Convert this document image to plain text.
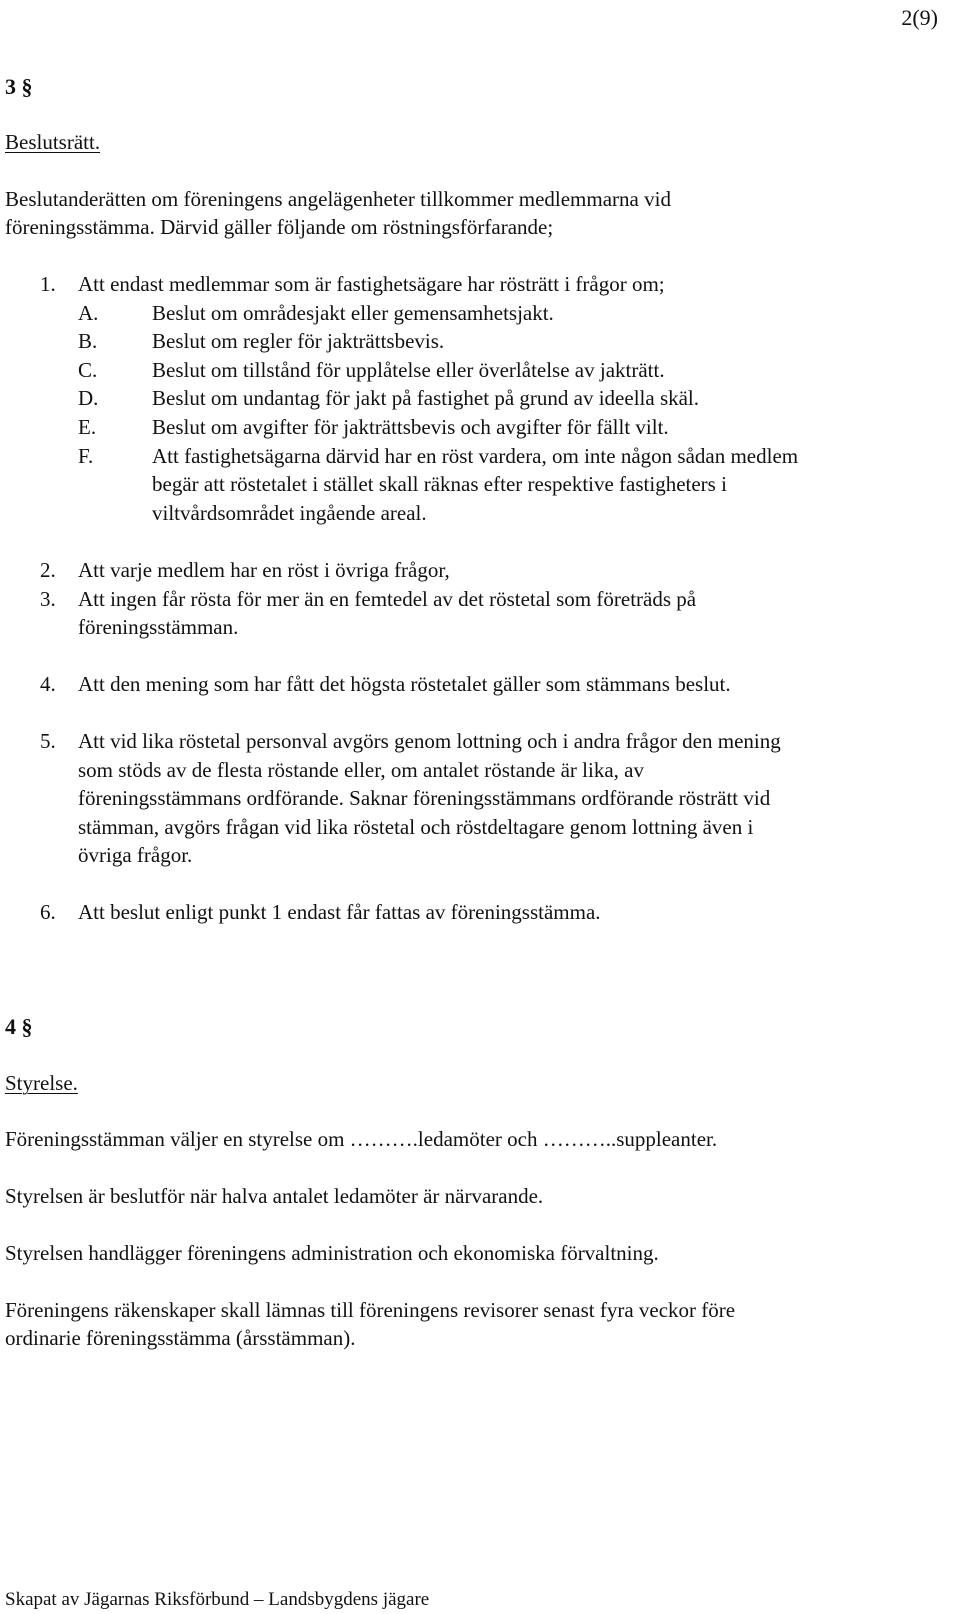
2(9)
3 §
Beslutsrätt.
Beslutanderätten om föreningens angelägenheter tillkommer medlemmarna vid
föreningsstämma. Därvid gäller följande om röstningsförfarande;
1. Att endast medlemmar som är fastighetsägare har rösträtt i frågor om;
A.	Beslut om områdesjakt eller gemensamhetsjakt.
B.	Beslut om regler för jakträttsbevis.
C.	Beslut om tillstånd för upplåtelse eller överlåtelse av jakträtt.
D.	Beslut om undantag för jakt på fastighet på grund av ideella skäl.
E.	Beslut om avgifter för jakträttsbevis och avgifter för fällt vilt.
F.	Att fastighetsägarna därvid har en röst vardera, om inte någon sådan medlem
begär att röstetalet i stället skall räknas efter respektive fastigheters i
viltvårdsområdet ingående areal.
2. Att varje medlem har en röst i övriga frågor,
3. Att ingen får rösta för mer än en femtedel av det röstetal som företräds på
föreningsstämman.
4. Att den mening som har fått det högsta röstetalet gäller som stämmans beslut.
5. Att vid lika röstetal personval avgörs genom lottning och i andra frågor den mening
som stöds av de flesta röstande eller, om antalet röstande är lika, av
föreningsstämmans ordförande. Saknar föreningsstämmans ordförande rösträtt vid
stämman, avgörs frågan vid lika röstetal och röstdeltagare genom lottning även i
övriga frågor.
6. Att beslut enligt punkt 1 endast får fattas av föreningsstämma.
4 §
Styrelse.
Föreningsstämman väljer en styrelse om ……….ledamöter och ………..suppleanter.
Styrelsen är beslutför när halva antalet ledamöter är närvarande.
Styrelsen handlägger föreningens administration och ekonomiska förvaltning.
Föreningens räkenskaper skall lämnas till föreningens revisorer senast fyra veckor före
ordinarie föreningsstämma (årsstämman).
Skapat av Jägarnas Riksförbund – Landsbygdens jägare
